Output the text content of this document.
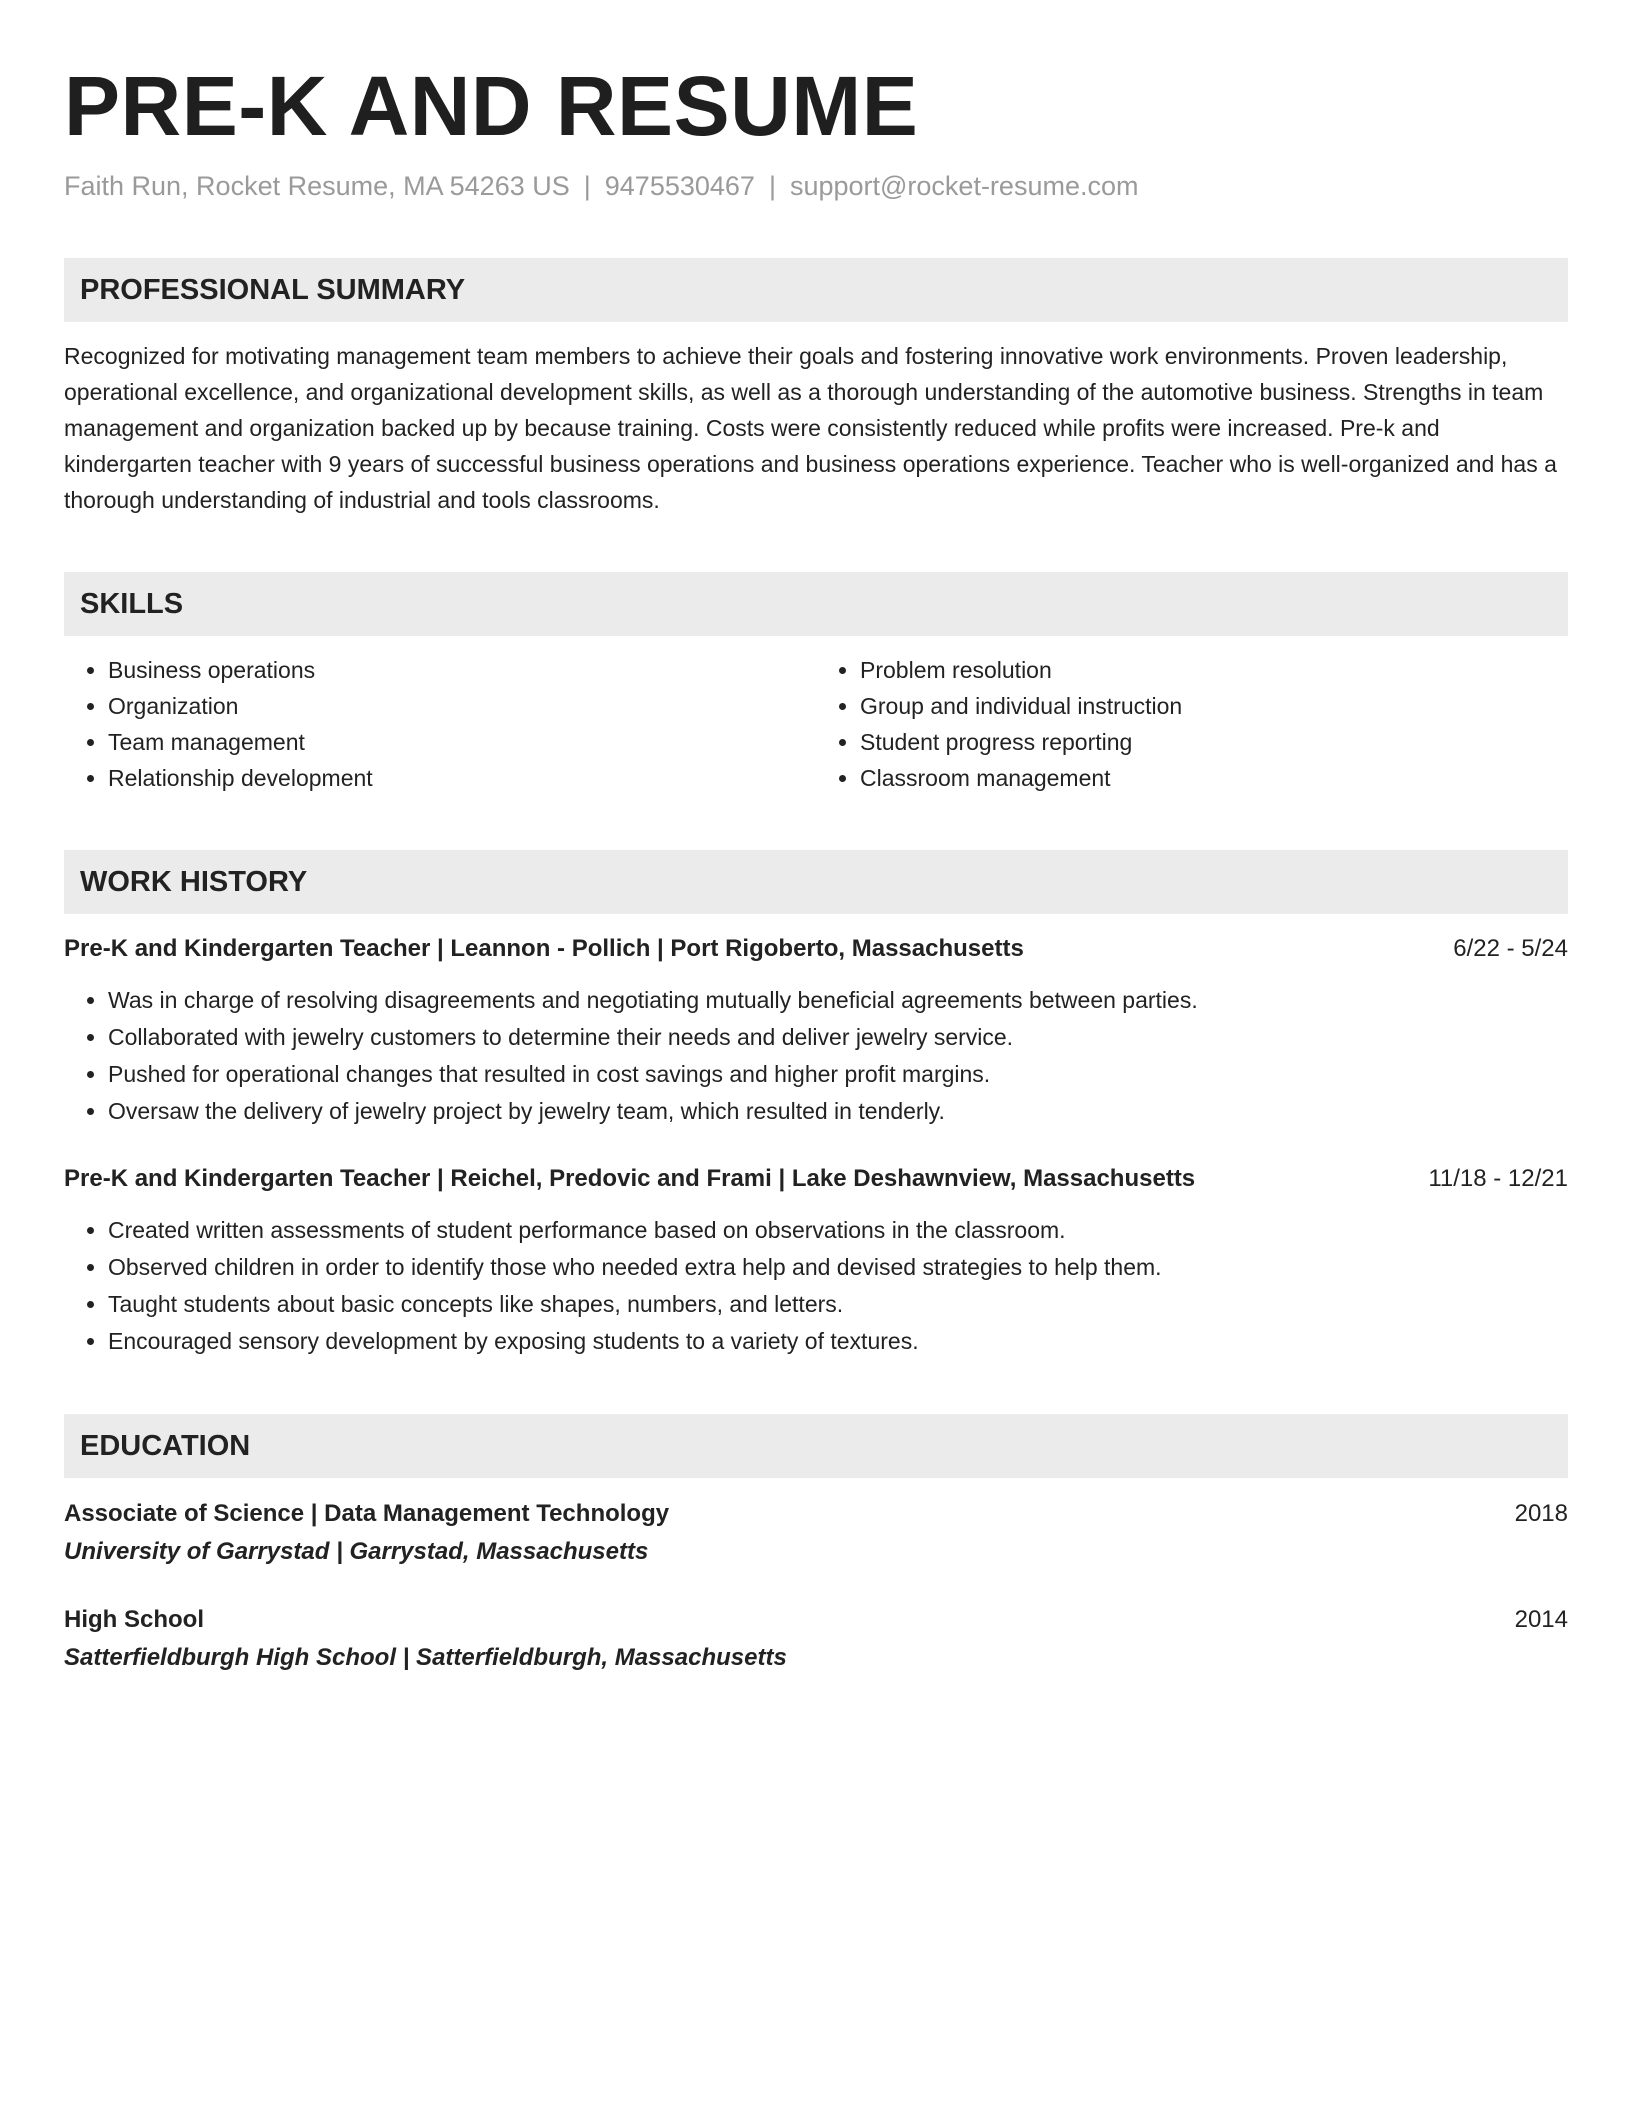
PRE-K AND RESUME
Faith Run, Rocket Resume, MA 54263 US | 9475530467 | support@rocket-resume.com
PROFESSIONAL SUMMARY
Recognized for motivating management team members to achieve their goals and fostering innovative work environments. Proven leadership, operational excellence, and organizational development skills, as well as a thorough understanding of the automotive business. Strengths in team management and organization backed up by because training. Costs were consistently reduced while profits were increased. Pre-k and kindergarten teacher with 9 years of successful business operations and business operations experience. Teacher who is well-organized and has a thorough understanding of industrial and tools classrooms.
SKILLS
• Business operations
• Organization
• Team management
• Relationship development
• Problem resolution
• Group and individual instruction
• Student progress reporting
• Classroom management
WORK HISTORY
Pre-K and Kindergarten Teacher | Leannon - Pollich | Port Rigoberto, Massachusetts	6/22 - 5/24
• Was in charge of resolving disagreements and negotiating mutually beneficial agreements between parties.
• Collaborated with jewelry customers to determine their needs and deliver jewelry service.
• Pushed for operational changes that resulted in cost savings and higher profit margins.
• Oversaw the delivery of jewelry project by jewelry team, which resulted in tenderly.
Pre-K and Kindergarten Teacher | Reichel, Predovic and Frami | Lake Deshawnview, Massachusetts	11/18 - 12/21
• Created written assessments of student performance based on observations in the classroom.
• Observed children in order to identify those who needed extra help and devised strategies to help them.
• Taught students about basic concepts like shapes, numbers, and letters.
• Encouraged sensory development by exposing students to a variety of textures.
EDUCATION
Associate of Science | Data Management Technology	2018
University of Garrystad | Garrystad, Massachusetts
High School	2014
Satterfieldburgh High School | Satterfieldburgh, Massachusetts
